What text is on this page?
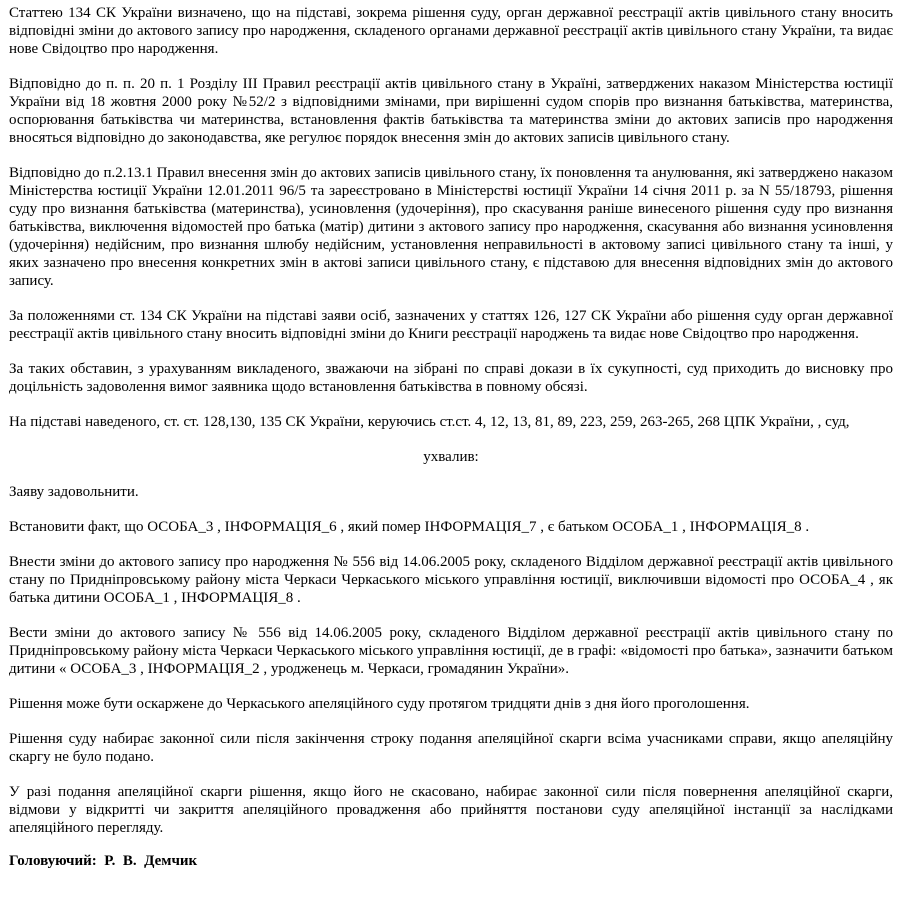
Статтею 134 СК України визначено, що на підставі, зокрема рішення суду, орган державної реєстрації актів цивільного стану вносить відповідні зміни до актового запису про народження, складеного органами державної реєстрації актів цивільного стану України, та видає нове Свідоцтво про народження.

Відповідно до п. п. 20 п. 1 Розділу ІІІ Правил реєстрації актів цивільного стану в Україні, затверджених наказом Міністерства юстиції України від 18 жовтня 2000 року №52/2 з відповідними змінами, при вирішенні судом спорів про визнання батьківства, материнства, оспорювання батьківства чи материнства, встановлення фактів батьківства та материнства зміни до актових записів про народження вносяться відповідно до законодавства, яке регулює порядок внесення змін до актових записів цивільного стану.

Відповідно до п.2.13.1 Правил внесення змін до актових записів цивільного стану, їх поновлення та анулювання, які затверджено наказом Міністерства юстиції України 12.01.2011 96/5 та зареєстровано в Міністерстві юстиції України 14 січня 2011 р. за N 55/18793, рішення суду про визнання батьківства (материнства), усиновлення (удочеріння), про скасування раніше винесеного рішення суду про визнання батьківства, виключення відомостей про батька (матір) дитини з актового запису про народження, скасування або визнання усиновлення (удочеріння) недійсним, про визнання шлюбу недійсним, установлення неправильності в актовому записі цивільного стану та інші, у яких зазначено про внесення конкретних змін в актові записи цивільного стану, є підставою для внесення відповідних змін до актового запису.

За положеннями ст. 134 СК України на підставі заяви осіб, зазначених у статтях 126, 127 СК України або рішення суду орган державної реєстрації актів цивільного стану вносить відповідні зміни до Книги реєстрації народжень та видає нове Свідоцтво про народження.

За таких обставин, з урахуванням викладеного, зважаючи на зібрані по справі докази в їх сукупності, суд приходить до висновку про доцільність задоволення вимог заявника щодо встановлення батьківства в повному обсязі.

На підставі наведеного, ст. ст. 128,130, 135 СК України, керуючись ст.ст. 4, 12, 13, 81, 89, 223, 259, 263-265, 268 ЦПК України, , суд,

ухвалив:

Заяву задовольнити.

Встановити факт, що ОСОБА_3 , ІНФОРМАЦІЯ_6 , який помер ІНФОРМАЦІЯ_7 , є батьком ОСОБА_1 , ІНФОРМАЦІЯ_8 .

Внести зміни до актового запису про народження № 556 від 14.06.2005 року, складеного Відділом державної реєстрації актів цивільного стану по Придніпровському району міста Черкаси Черкаського міського управління юстиції, виключивши відомості про ОСОБА_4 , як батька дитини ОСОБА_1 , ІНФОРМАЦІЯ_8 .

Вести зміни до актового запису № 556 від 14.06.2005 року, складеного Відділом державної реєстрації актів цивільного стану по Придніпровському району міста Черкаси Черкаського міського управління юстиції, де в графі: «відомості про батька», зазначити батьком дитини « ОСОБА_3 , ІНФОРМАЦІЯ_2 , уродженець м. Черкаси, громадянин України».

Рішення може бути оскаржене до Черкаського апеляційного суду протягом тридцяти днів з дня його проголошення.

Рішення суду набирає законної сили після закінчення строку подання апеляційної скарги всіма учасниками справи, якщо апеляційну скаргу не було подано.

У разі подання апеляційної скарги рішення, якщо його не скасовано, набирає законної сили після повернення апеляційної скарги, відмови у відкритті чи закриття апеляційного провадження або прийняття постанови суду апеляційної інстанції за наслідками апеляційного перегляду.

Головуючий:  Р.  В.  Демчик
